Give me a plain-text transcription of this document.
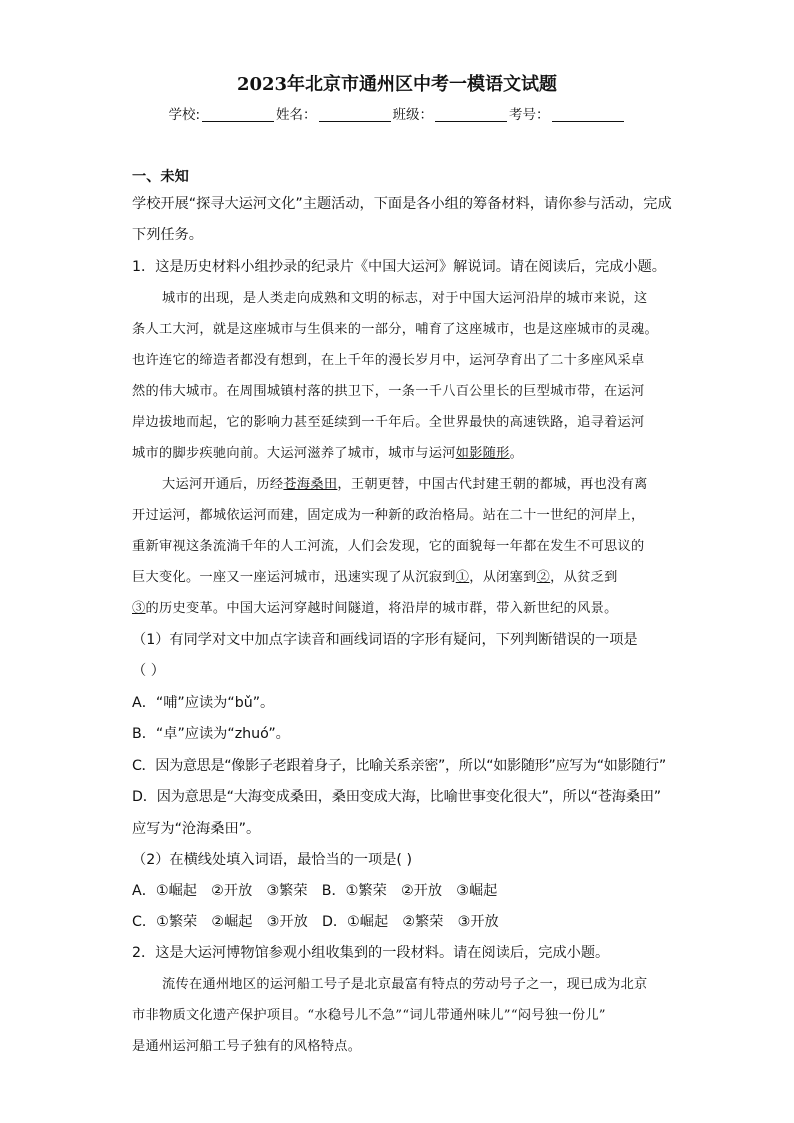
2023年北京市通州区中考一模语文试题
学校:	姓名：	班级：	考号：
一、未知
学校开展“探寻大运河文化”主题活动，下面是各小组的筹备材料，请你参与活动，完成
下列任务。
1．这是历史材料小组抄录的纪录片《中国大运河》解说词。请在阅读后，完成小题。
城市的出现，是人类走向成熟和文明的标志，对于中国大运河沿岸的城市来说，这
条人工大河，就是这座城市与生俱来的一部分，哺育了这座城市，也是这座城市的灵魂。
也许连它的缔造者都没有想到，在上千年的漫长岁月中，运河孕育出了二十多座风采卓
然的伟大城市。在周围城镇村落的拱卫下，一条一千八百公里长的巨型城市带，在运河
岸边拔地而起，它的影响力甚至延续到一千年后。全世界最快的高速铁路，追寻着运河
城市的脚步疾驰向前。大运河滋养了城市，城市与运河如影随形。
大运河开通后，历经苍海桑田，王朝更替，中国古代封建王朝的都城，再也没有离
开过运河，都城依运河而建，固定成为一种新的政治格局。站在二十一世纪的河岸上，
重新审视这条流淌千年的人工河流，人们会发现，它的面貌每一年都在发生不可思议的
巨大变化。一座又一座运河城市，迅速实现了从沉寂到①，从闭塞到②，从贫乏到
③的历史变革。中国大运河穿越时间隧道，将沿岸的城市群，带入新世纪的风景。
（1）有同学对文中加点字读音和画线词语的字形有疑问，下列判断错误的一项是
（ ）
A．“哺”应读为“bǔ”。
B．“卓”应读为“zhuó”。
C．因为意思是“像影子老跟着身子，比喻关系亲密”，所以“如影随形”应写为“如影随行”
D．因为意思是“大海变成桑田，桑田变成大海，比喻世事变化很大”，所以“苍海桑田”
应写为“沧海桑田”。
（2）在横线处填入词语，最恰当的一项是( )
A．①崛起　②开放　③繁荣　B．①繁荣　②开放　③崛起
C．①繁荣　②崛起　③开放　D．①崛起　②繁荣　③开放
2．这是大运河博物馆参观小组收集到的一段材料。请在阅读后，完成小题。
流传在通州地区的运河船工号子是北京最富有特点的劳动号子之一，现已成为北京
市非物质文化遗产保护项目。“水稳号儿不急”“词儿带通州味儿”“闷号独一份儿”
是通州运河船工号子独有的风格特点。
